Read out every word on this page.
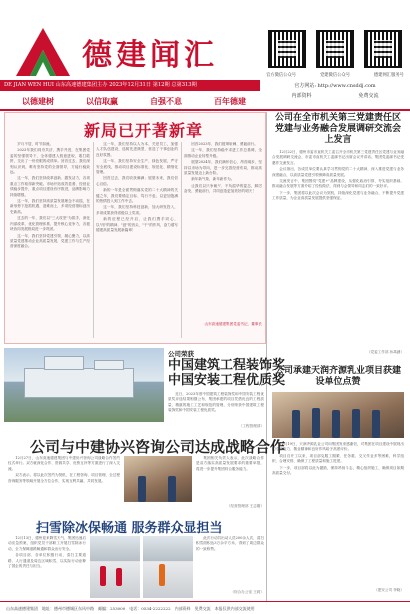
德建闻汇
DE JIAN WEN HUI 山东高速德建集团主办 2023年12月31日 第12期 总第313期
以德建树	以信取赢	自强不息	百年德建
官方微信公众号	党建微信公众号	德建网汇服务号
官方网站: http://www.cnsddj.com
内部资料	免费交流
新局已开著新章

岁月不居，时节如流。

2023年我们同舟共济、携手并进，在集团党委的坚强领导下，全体德建人锐意进取、敢打敢拼，交出了一份亮眼的成绩单。回首过去，我们深刻认识到，唯有坚持党的全面领导，方能行稳致远。

这一年，我们坚持改革创新、激发活力，各项重点工作取得新突破。市场开拓成效显著，经营业绩稳步提升，重点项目建设有序推进，品牌影响力持续增强。

这一年，我们坚持高质量发展理念不动摇，在新形势下抢抓机遇、迎难而上，多项经营指标创历史新高。

过去的一年，我们以"三大攻坚"为抓手，深化内部改革，优化管理体系，提升核心竞争力，各板块协同发展格局进一步巩固。

这一年，我们坚持党建引领、凝心聚力，以高质量党建推动企业高质量发展，党建工作与生产经营深度融合。

这一年，我们坚持以人为本、关爱员工，加强人才队伍建设，选树先进典型，营造了干事创业的良好氛围。

这一年，我们坚持安全生产、绿色发展，严守安全底线，推动项目建设标准化、规范化、精细化管理。

回首过去，我们收获满满；展望未来，我们信心百倍。

新的一年是全面贯彻落实党的二十大精神的关键之年，我们要锚定目标、笃行不怠，以更加饱满的热情投入到工作中去。

这一年，我们坚持科技创新，加大研发投入，多项成果获得省级以上奖项。

新的征程已经开启，让我们携手同心，以"闯"的精神、"创"的劲头、"干"的作风，奋力谱写德建高质量发展新篇章！

回首2023年，我们披荆斩棘、勇毅前行。

这一年，我们坚持稳中求进工作总基调，全面推动企业转型升级。

展望2024年，我们满怀信心、昂首阔步，坚持以市场为导向，进一步完善经营布局，推动高质量发展迈上新台阶。

新年新气象，新年新作为。

让我们以只争朝夕、不负韶华的姿态，踔厉奋发、勇毅前行，共同创造更加美好的明天！

山东高速德建集团党委书记、董事长
公司在全市机关第三党建责任区党建与业务融合发展调研交流会上发言

12月22日，德州市委市直机关工委召开全市机关第三党建责任区党建与业务融合发展调研交流会，市委市直机关工委副书记出席会议并讲话。集团党委副书记受邀作交流发言。

会议指出，各成员单位要认真学习贯彻党的二十大精神，深入推进党建与业务深度融合，以高质量党建引领保障高质量发展。

交流发言中，集团围绕"党建+"品牌建设，从强化政治引领、夯实组织基础、推动融合发展等方面介绍了经验做法，得到与会领导和同志们的一致好评。

下一步，集团将以此次会议为契机，持续深化党建与业务融合，不断提升党建工作质量，为企业高质量发展提供坚强保证。

（党委工作部 孙禹涵）
公司荣获
中国建筑工程装饰奖
中国安装工程优质奖

近日，2023年度中国建筑工程装饰奖和中国安装工程优质奖评选结果相继公布，集团承建的项目凭借优良的工程质量、精湛的施工工艺和规范的管理，分别荣获中国建筑工程装饰奖和中国安装工程优质奖。

（工程管理部）
公司承建天润齐源乳业项目获建设单位点赞

12月19日，天润齐源乳业公司向集团发来感谢信，对集团在项目建设中展现出的专业能力、敬业精神和良好作风给予高度评价。

项目自开工以来，项目部克服工期紧、任务重、交叉作业多等困难，科学组织、合理安排，确保了工程质量和施工进度。

下一步，项目部将以此为激励，保持昂扬斗志，精心组织施工，确保项目如期高质量交付。

（建安公司 李晓）
公司与中建协兴咨询公司达成战略合作

12月27日，山东高速德建集团与中建协兴咨询公司战略合作签约仪式举行。双方就深化合作、资源共享、优势互补等方面进行了深入交流。

双方表示，将以此次签约为契机，在工程咨询、项目管理、全过程咨询服务等领域开展全方位合作，实现互利共赢、共同发展。

集团相关负责人表示，此次战略合作是双方落实高质量发展要求的重要举措，将进一步提升集团综合服务能力。

（经营管理部 王志刚）
扫雪除冰保畅通 服务群众显担当

12月13日，德州迎来降雪天气，集团迅速启动应急预案，组织党员干部职工开展扫雪除冰行动，全力保障道路畅通和群众出行安全。

各项目部、各单位积极行动，清扫主要道路、人行通道及周边区域积雪，以实际行动诠释了国企的责任与担当。

此次行动共出动人员200余人次，清扫积雪面积达3万余平方米，得到了周边群众的一致称赞。

（综合办公室 王莉）
山东高速德建集团　地址：德州市德城区东风中路　邮编：253000　电话：0534-2222222　内部资料　免费交流　本报仅供内部交流使用
